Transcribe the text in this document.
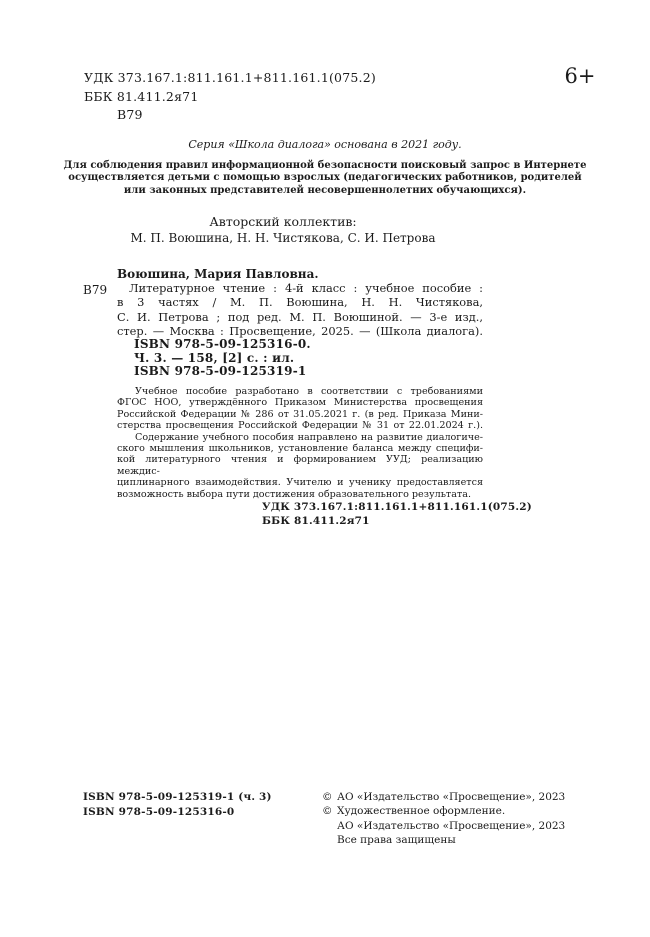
УДК 373.167.1:811.161.1+811.161.1(075.2)
ББК 81.411.2я71
В79
6+
Серия «Школа диалога» основана в 2021 году.
Для соблюдения правил информационной безопасности поисковый запрос в Интернете
осуществляется детьми с помощью взрослых (педагогических работников, родителей
или законных представителей несовершеннолетних обучающихся).
Авторский коллектив:
М. П. Воюшина, Н. Н. Чистякова, С. И. Петрова
Воюшина, Мария Павловна.
В79	Литературное чтение : 4-й класс : учебное пособие :
в 3 частях / М. П. Воюшина, Н. Н. Чистякова,
С. И. Петрова ; под ред. М. П. Воюшиной. — 3-е изд.,
стер. — Москва : Просвещение, 2025. — (Школа диалога).
ISBN 978-5-09-125316-0.
Ч. 3. — 158, [2] с. : ил.
ISBN 978-5-09-125319-1
Учебное пособие разработано в соответствии с требованиями
ФГОС НОО, утверждённого Приказом Министерства просвещения
Российской Федерации № 286 от 31.05.2021 г. (в ред. Приказа Мини-
стерства просвещения Российской Федерации № 31 от 22.01.2024 г.).
Содержание учебного пособия направлено на развитие диалогиче-
ского мышления школьников, установление баланса между специфи-
кой литературного чтения и формированием УУД; реализацию междис-
циплинарного взаимодействия. Учителю и ученику предоставляется
возможность выбора пути достижения образовательного результата.
УДК 373.167.1:811.161.1+811.161.1(075.2)
ББК 81.411.2я71
ISBN 978-5-09-125319-1 (ч. 3)
ISBN 978-5-09-125316-0
© АО «Издательство «Просвещение», 2023
© Художественное оформление.
АО «Издательство «Просвещение», 2023
Все права защищены
